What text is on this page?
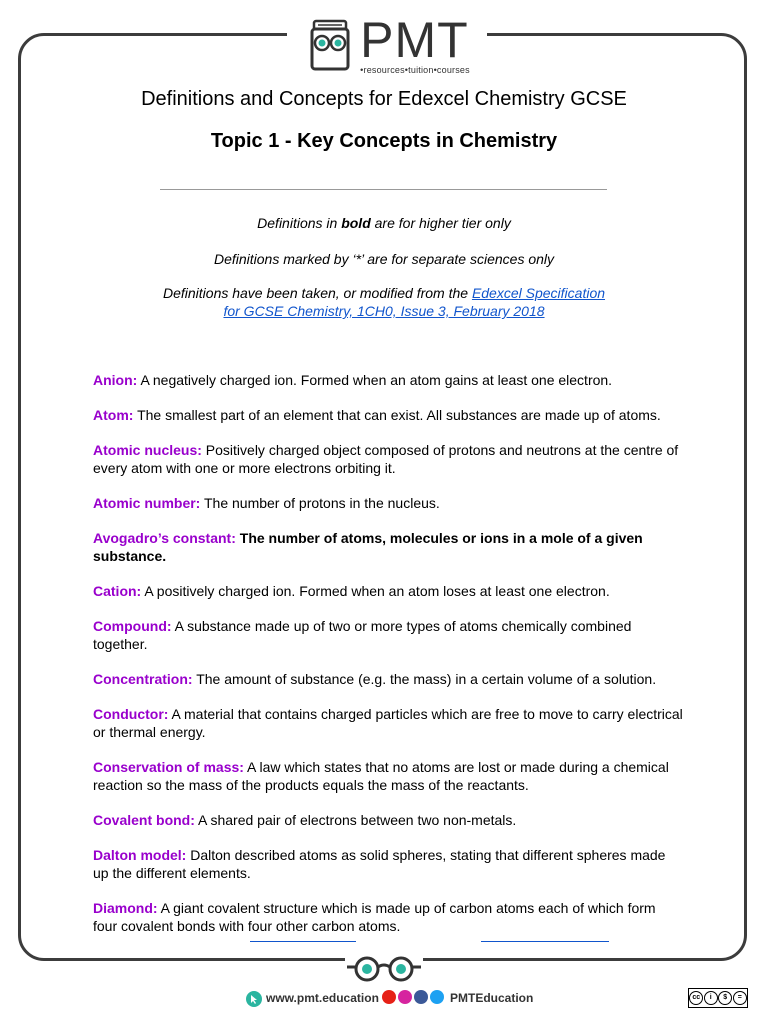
PMT
•resources•tuition•courses
Definitions and Concepts for Edexcel Chemistry GCSE
Topic 1 - Key Concepts in Chemistry
Definitions in bold are for higher tier only
Definitions marked by ‘*’ are for separate sciences only
Definitions have been taken, or modified from the Edexcel Specification
for GCSE Chemistry, 1CH0, Issue 3, February 2018
Anion: A negatively charged ion. Formed when an atom gains at least one electron.
Atom: The smallest part of an element that can exist. All substances are made up of atoms.
Atomic nucleus: Positively charged object composed of protons and neutrons at the centre of every atom with one or more electrons orbiting it.
Atomic number: The number of protons in the nucleus.
Avogadro’s constant: The number of atoms, molecules or ions in a mole of a given substance.
Cation: A positively charged ion. Formed when an atom loses at least one electron.
Compound: A substance made up of two or more types of atoms chemically combined together.
Concentration: The amount of substance (e.g. the mass) in a certain volume of a solution.
Conductor: A material that contains charged particles which are free to move to carry electrical or thermal energy.
Conservation of mass: A law which states that no atoms are lost or made during a chemical reaction so the mass of the products equals the mass of the reactants.
Covalent bond: A shared pair of electrons between two non-metals.
Dalton model: Dalton described atoms as solid spheres, stating that different spheres made up the different elements.
Diamond: A giant covalent structure which is made up of carbon atoms each of which form four covalent bonds with four other carbon atoms.
www.pmt.education	PMTEducation	cc	i	$	=
